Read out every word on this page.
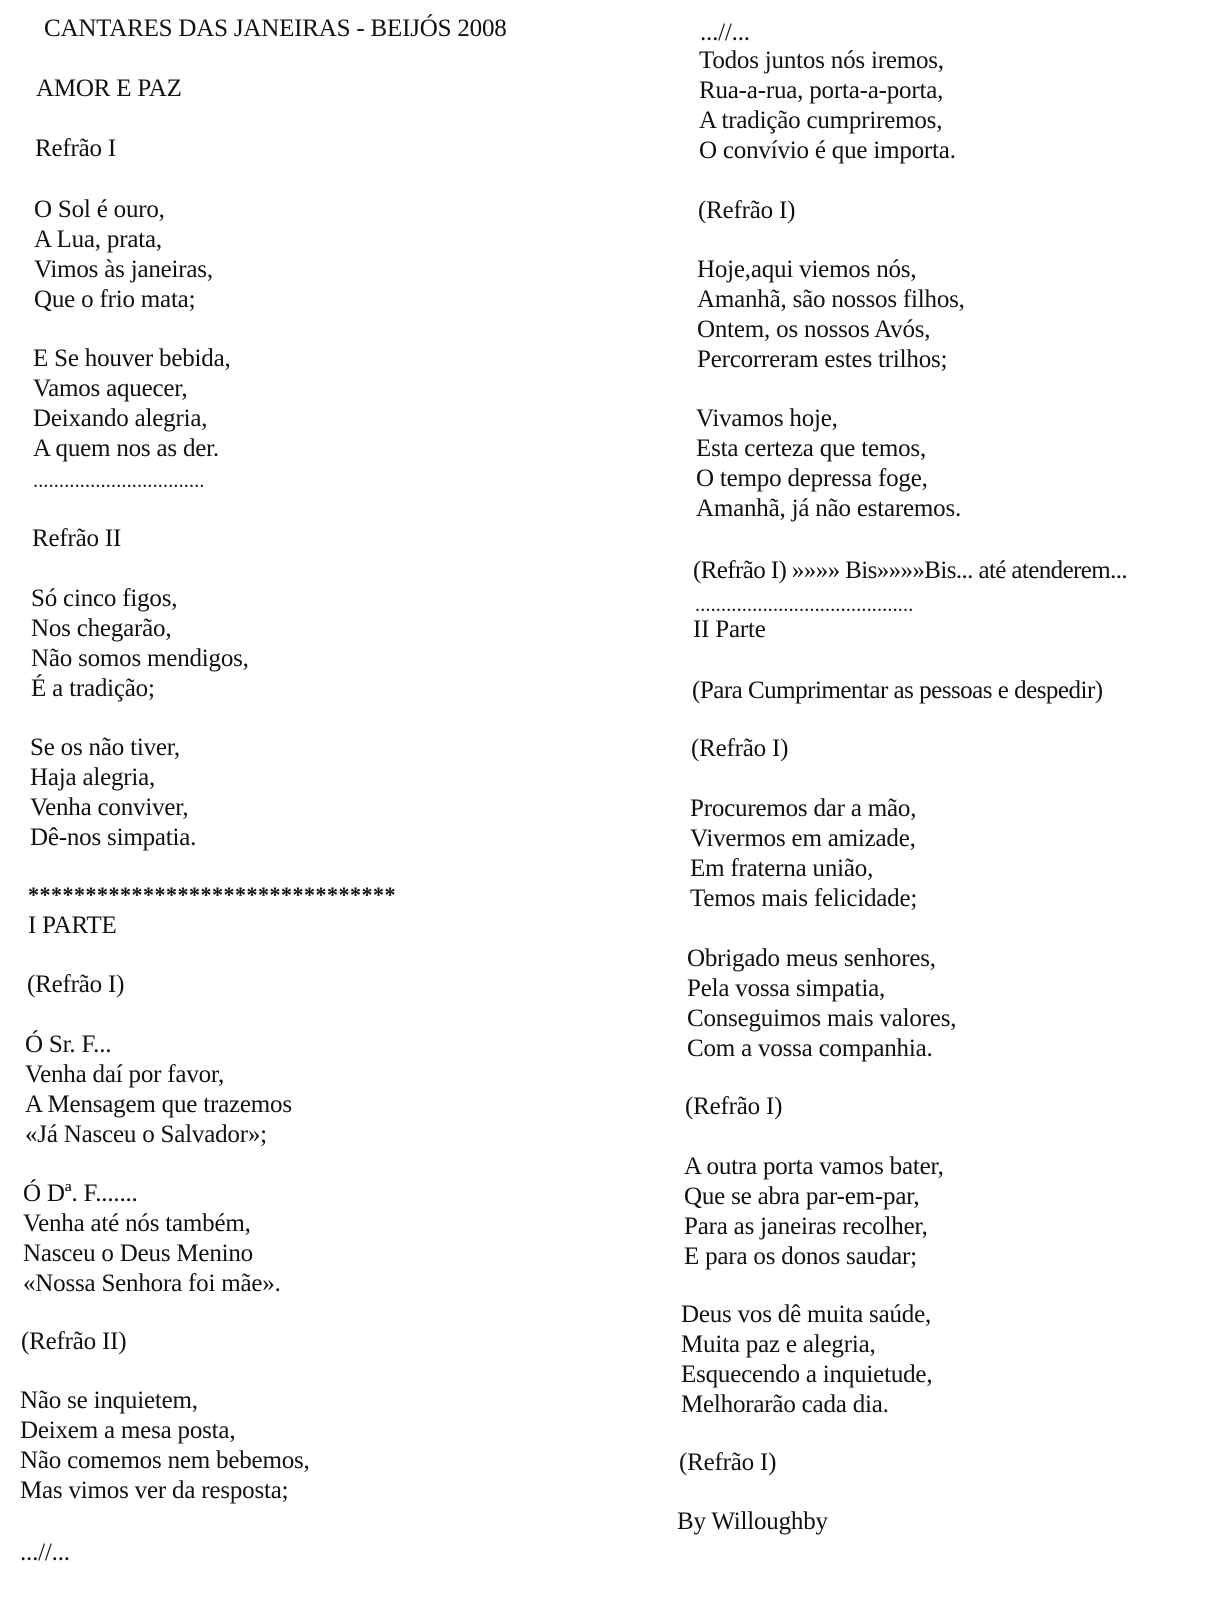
CANTARES DAS JANEIRAS - BEIJÓS 2008
AMOR E PAZ
Refrão I
O Sol é ouro,
A Lua, prata,
Vimos às janeiras,
Que o frio mata;
E Se houver bebida,
Vamos aquecer,
Deixando alegria,
A quem nos as der.
.................................
Refrão II
Só cinco figos,
Nos chegarão,
Não somos mendigos,
É a tradição;
Se os não tiver,
Haja alegria,
Venha conviver,
Dê-nos simpatia.
********************************
I PARTE
(Refrão I)
Ó Sr. F...
Venha daí por favor,
A Mensagem que trazemos
«Já Nasceu o Salvador»;
Ó Dª. F.......
Venha até nós também,
Nasceu o Deus Menino
«Nossa Senhora foi mãe».
(Refrão II)
Não se inquietem,
Deixem a mesa posta,
Não comemos nem bebemos,
Mas vimos ver da resposta;
...//...
...//...
Todos juntos nós iremos,
Rua-a-rua, porta-a-porta,
A tradição cumpriremos,
O convívio é que importa.
(Refrão I)
Hoje,aqui viemos nós,
Amanhã, são nossos filhos,
Ontem, os nossos Avós,
Percorreram estes trilhos;
Vivamos hoje,
Esta certeza que temos,
O tempo depressa foge,
Amanhã, já não estaremos.
(Refrão I) »»»» Bis»»»»Bis... até atenderem...
..........................................
II Parte
(Para Cumprimentar as pessoas e despedir)
(Refrão I)
Procuremos dar a mão,
Vivermos em amizade,
Em fraterna união,
Temos mais felicidade;
Obrigado meus senhores,
Pela vossa simpatia,
Conseguimos mais valores,
Com a vossa companhia.
(Refrão I)
A outra porta vamos bater,
Que se abra par-em-par,
Para as janeiras recolher,
E para os donos saudar;
Deus vos dê muita saúde,
Muita paz e alegria,
Esquecendo a inquietude,
Melhorarão cada dia.
(Refrão I)
By Willoughby
